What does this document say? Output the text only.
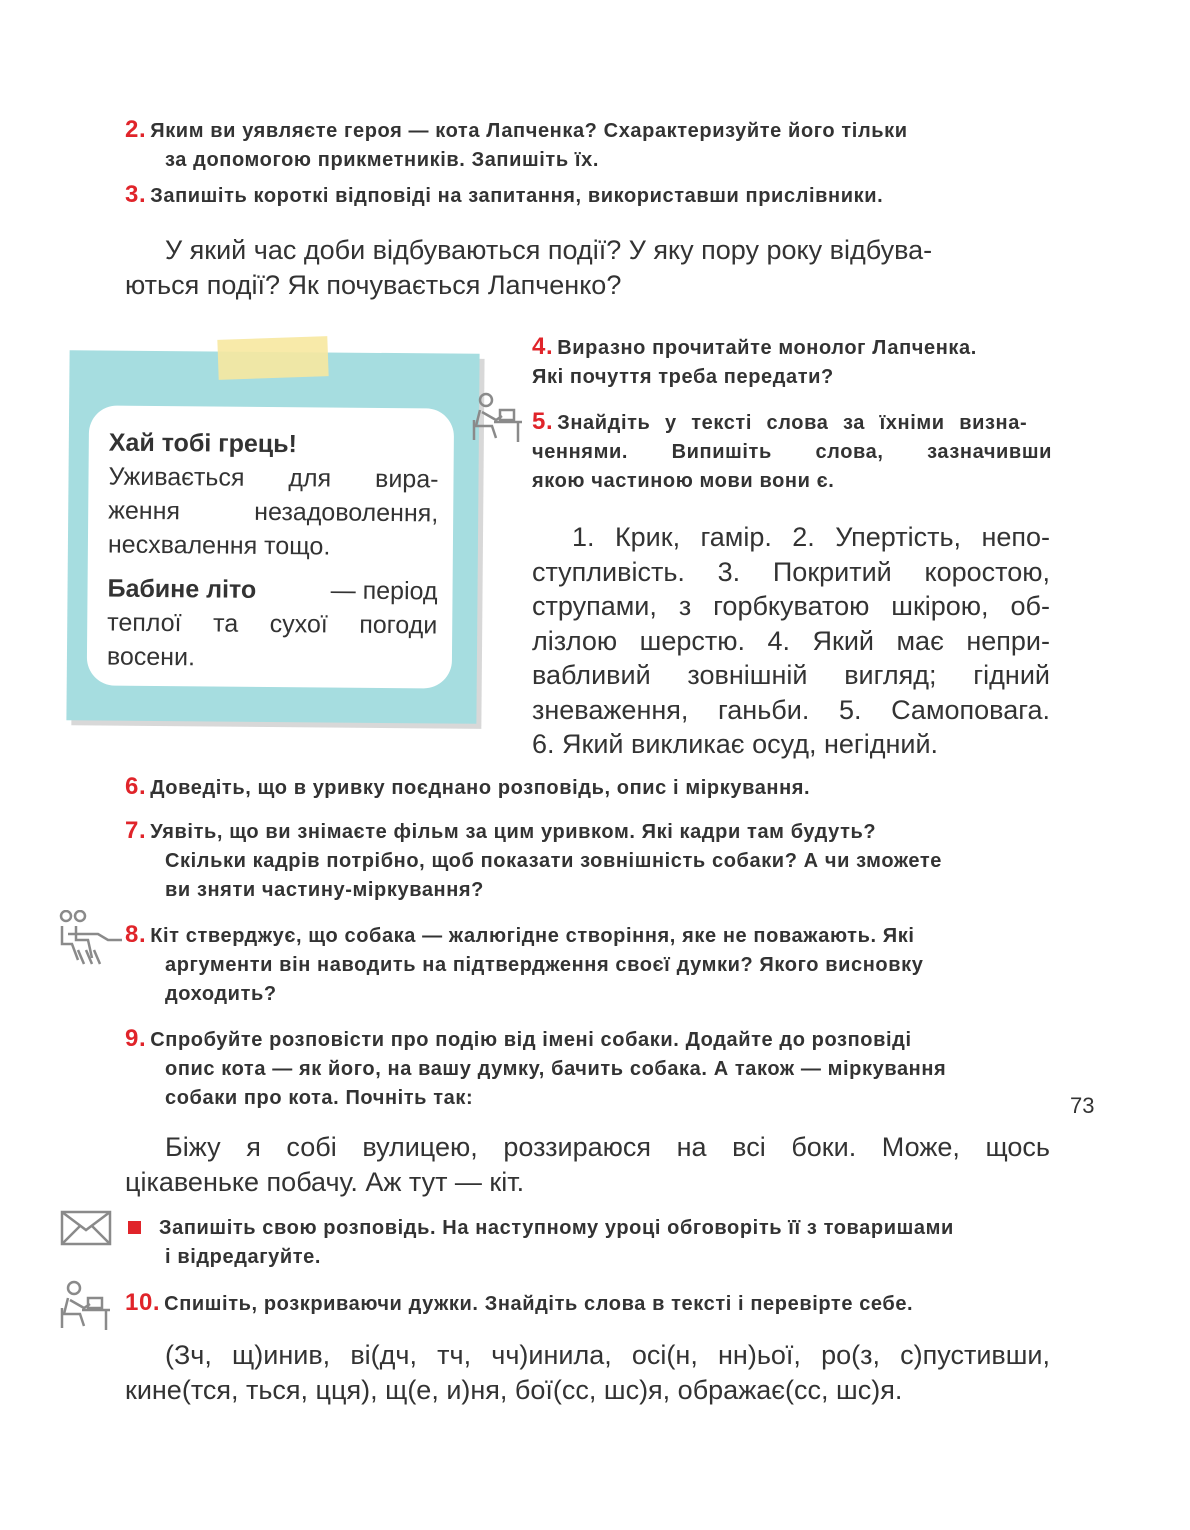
2. Яким ви уявляєте героя — кота Лапченка? Схарактеризуйте його тільки
за допомогою прикметників. Запишіть їх.
3. Запишіть короткі відповіді на запитання, використавши прислівники.
У який час доби відбуваються події? У яку пору року відбува-
ються події? Як почувається Лапченко?
Хай тобі грець!
Уживається для вира-
ження незадоволення,
несхвалення тощо.
Бабине літо	— період
теплої та сухої погоди
восени.
4. Виразно прочитайте монолог Лапченка.
Які почуття треба передати?
5. Знайдіть у тексті слова за їхніми визна-
ченнями. Випишіть слова, зазначивши
якою частиною мови вони є.
1. Крик, гамір. 2. Упертість, непо-
ступливість. 3. Покритий коростою,
струпами, з горбкуватою шкірою, об-
лізлою шерстю. 4. Який має непри-
вабливий зовнішній вигляд; гідний
зневаження, ганьби. 5. Самоповага.
6. Який викликає осуд, негідний.
6. Доведіть, що в уривку поєднано розповідь, опис і міркування.
7. Уявіть, що ви знімаєте фільм за цим уривком. Які кадри там будуть?
Скільки кадрів потрібно, щоб показати зовнішність собаки? А чи зможете
ви зняти частину-міркування?
8. Кіт стверджує, що собака — жалюгідне створіння, яке не поважають. Які
аргументи він наводить на підтвердження своєї думки? Якого висновку
доходить?
9. Спробуйте розповісти про подію від імені собаки. Додайте до розповіді
опис кота — як його, на вашу думку, бачить собака. А також — міркування
собаки про кота. Почніть так:
Біжу я собі вулицею, роззираюся на всі боки. Може, щось
цікавеньке побачу. Аж тут — кіт.
Запишіть свою розповідь. На наступному уроці обговоріть її з товаришами
і відредагуйте.
10. Спишіть, розкриваючи дужки. Знайдіть слова в тексті і перевірте себе.
(Зч, щ)инив, ві(дч, тч, чч)инила, осі(н, нн)ьої, ро(з, с)пустивши,
кине(тся, ться, цця), щ(е, и)ня, бої(сс, шс)я, ображає(сс, шс)я.
73
